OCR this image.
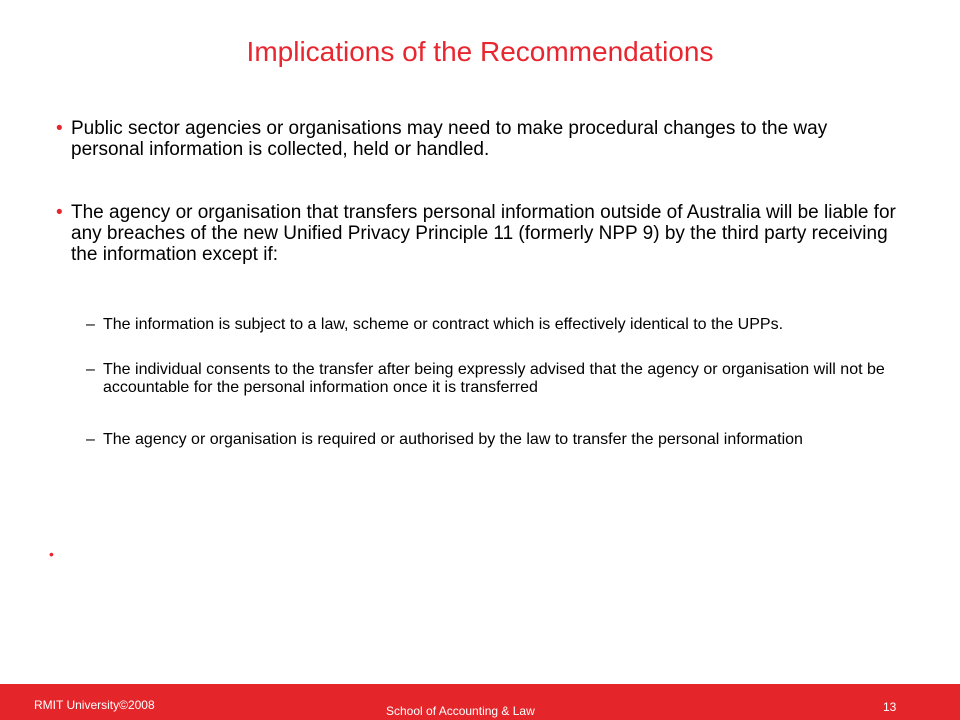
Implications of the Recommendations
• Public sector agencies or organisations may need to make procedural changes to the way personal information is collected, held or handled.
• The agency or organisation that transfers personal information outside of Australia will be liable for any breaches of the new Unified Privacy Principle 11 (formerly NPP 9) by the third party receiving the information except if:
– The information is subject to a law, scheme or contract which is effectively identical to the UPPs.
– The individual consents to the transfer after being expressly advised that the agency or organisation will not be accountable for the personal information once it is transferred
– The agency or organisation is required or authorised by the law to transfer the personal information
•
RMIT University©2008	School of Accounting & Law	13
